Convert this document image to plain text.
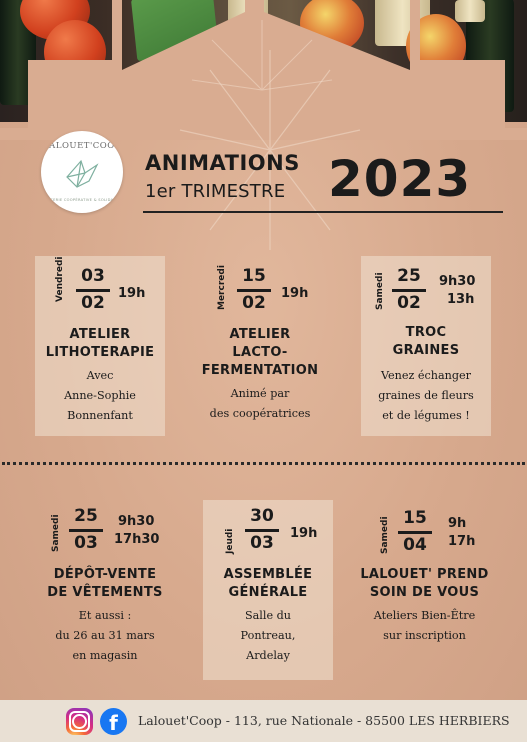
LALOUET'COOP
ÉPICERIE COOPÉRATIVE & SOLIDAIRE
ANIMATIONS
1er TRIMESTRE 2023
Vendredi 03
02	19h
ATELIER
LITHOTERAPIE
Avec
Anne-Sophie
Bonnenfant
Mercredi 15
02	19h
ATELIER
LACTO-
FERMENTATION
Animé par
des coopératrices
Samedi 25
02
9h30
13h
TROC
GRAINES
Venez échanger
graines de fleurs
et de légumes !
Samedi 25
03
9h30
17h30
DÉPÔT-VENTE
DE VÊTEMENTS
Et aussi :
du 26 au 31 mars
en magasin
Jeudi
30
03	19h
ASSEMBLÉE
GÉNÉRALE
Salle du
Pontreau,
Ardelay
Samedi 15
04
9h
17h
LALOUET' PREND
SOIN DE VOUS
Ateliers Bien-Être
sur inscription
f	Lalouet'Coop - 113, rue Nationale - 85500 LES HERBIERS
